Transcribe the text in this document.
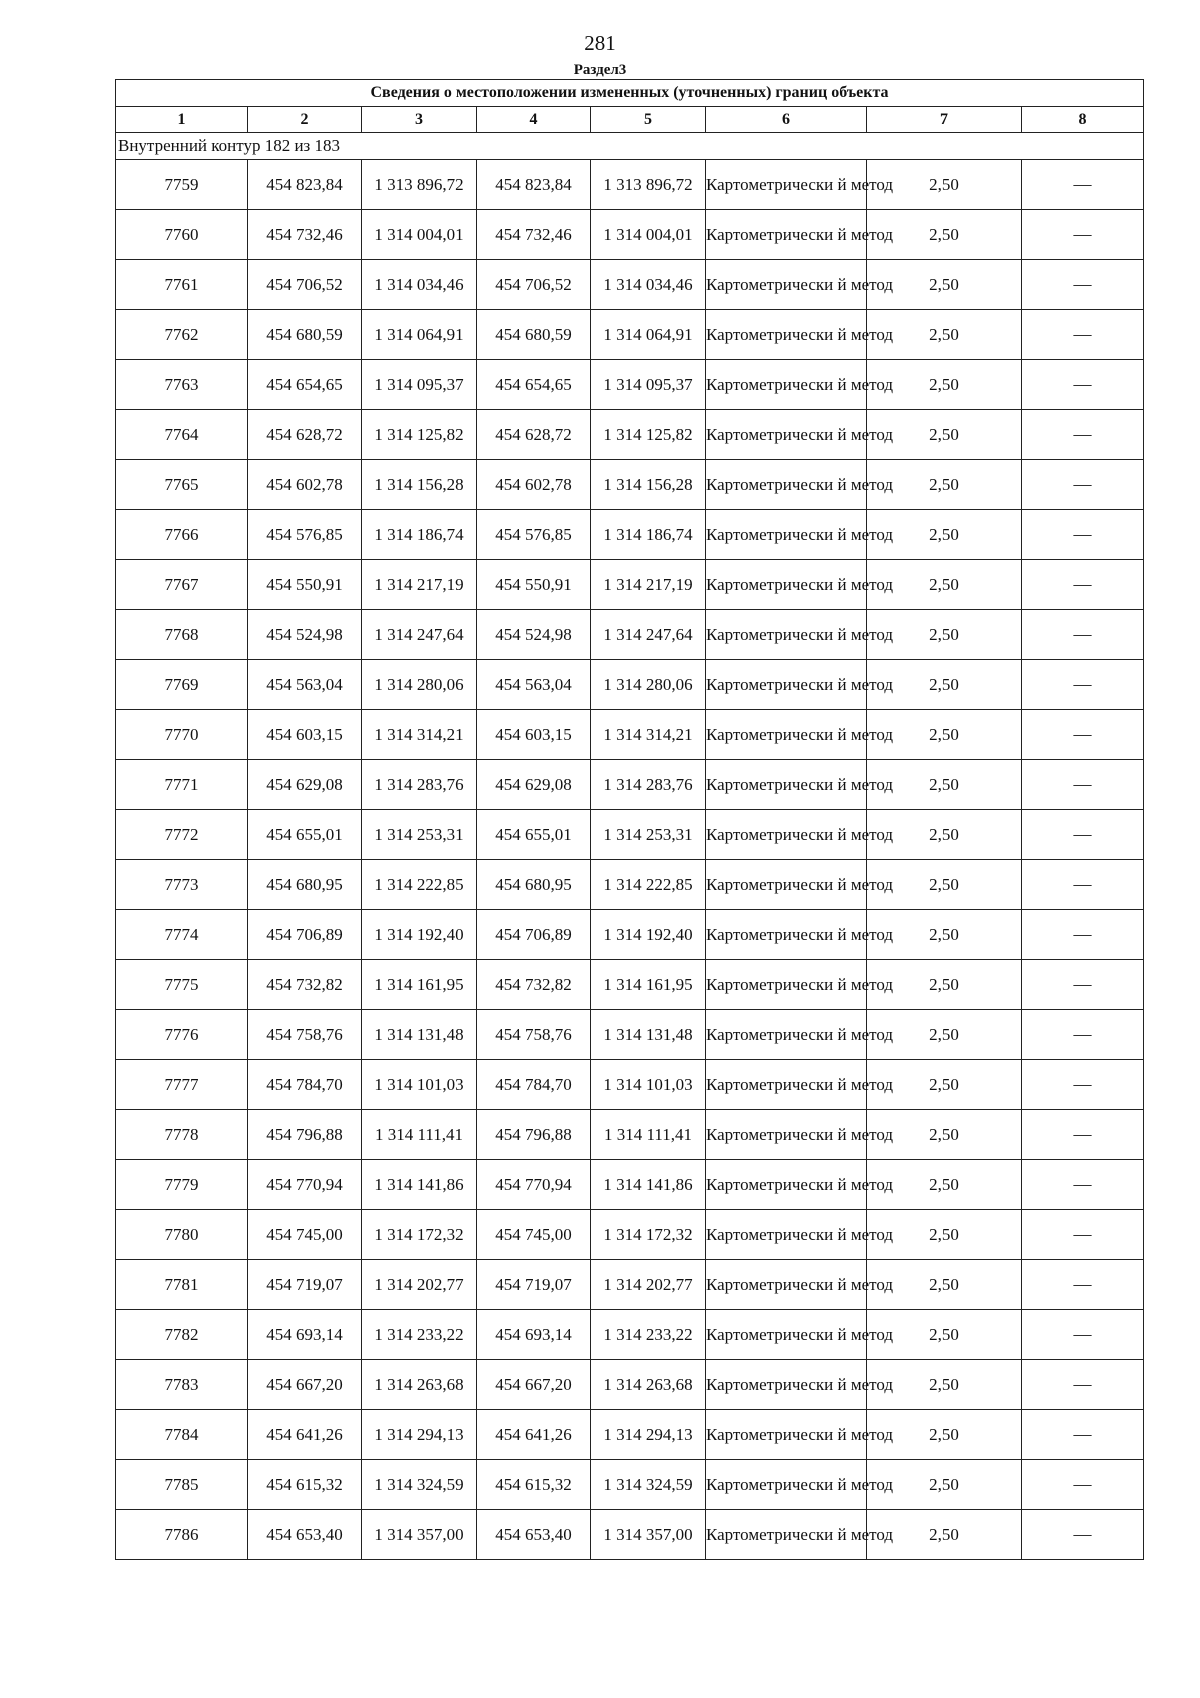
281
Раздел3
Сведения о местоположении измененных (уточненных) границ объекта							
1	2	3	4	5	6	7	8
Внутренний контур 182 из 183							
7759	454 823,84	1 313 896,72	454 823,84	1 313 896,72	Картометрически й метод	2,50	—
7760	454 732,46	1 314 004,01	454 732,46	1 314 004,01	Картометрически й метод	2,50	—
7761	454 706,52	1 314 034,46	454 706,52	1 314 034,46	Картометрически й метод	2,50	—
7762	454 680,59	1 314 064,91	454 680,59	1 314 064,91	Картометрически й метод	2,50	—
7763	454 654,65	1 314 095,37	454 654,65	1 314 095,37	Картометрически й метод	2,50	—
7764	454 628,72	1 314 125,82	454 628,72	1 314 125,82	Картометрически й метод	2,50	—
7765	454 602,78	1 314 156,28	454 602,78	1 314 156,28	Картометрически й метод	2,50	—
7766	454 576,85	1 314 186,74	454 576,85	1 314 186,74	Картометрически й метод	2,50	—
7767	454 550,91	1 314 217,19	454 550,91	1 314 217,19	Картометрически й метод	2,50	—
7768	454 524,98	1 314 247,64	454 524,98	1 314 247,64	Картометрически й метод	2,50	—
7769	454 563,04	1 314 280,06	454 563,04	1 314 280,06	Картометрически й метод	2,50	—
7770	454 603,15	1 314 314,21	454 603,15	1 314 314,21	Картометрически й метод	2,50	—
7771	454 629,08	1 314 283,76	454 629,08	1 314 283,76	Картометрически й метод	2,50	—
7772	454 655,01	1 314 253,31	454 655,01	1 314 253,31	Картометрически й метод	2,50	—
7773	454 680,95	1 314 222,85	454 680,95	1 314 222,85	Картометрически й метод	2,50	—
7774	454 706,89	1 314 192,40	454 706,89	1 314 192,40	Картометрически й метод	2,50	—
7775	454 732,82	1 314 161,95	454 732,82	1 314 161,95	Картометрически й метод	2,50	—
7776	454 758,76	1 314 131,48	454 758,76	1 314 131,48	Картометрически й метод	2,50	—
7777	454 784,70	1 314 101,03	454 784,70	1 314 101,03	Картометрически й метод	2,50	—
7778	454 796,88	1 314 111,41	454 796,88	1 314 111,41	Картометрически й метод	2,50	—
7779	454 770,94	1 314 141,86	454 770,94	1 314 141,86	Картометрически й метод	2,50	—
7780	454 745,00	1 314 172,32	454 745,00	1 314 172,32	Картометрически й метод	2,50	—
7781	454 719,07	1 314 202,77	454 719,07	1 314 202,77	Картометрически й метод	2,50	—
7782	454 693,14	1 314 233,22	454 693,14	1 314 233,22	Картометрически й метод	2,50	—
7783	454 667,20	1 314 263,68	454 667,20	1 314 263,68	Картометрически й метод	2,50	—
7784	454 641,26	1 314 294,13	454 641,26	1 314 294,13	Картометрически й метод	2,50	—
7785	454 615,32	1 314 324,59	454 615,32	1 314 324,59	Картометрически й метод	2,50	—
7786	454 653,40	1 314 357,00	454 653,40	1 314 357,00	Картометрически й метод	2,50	—
